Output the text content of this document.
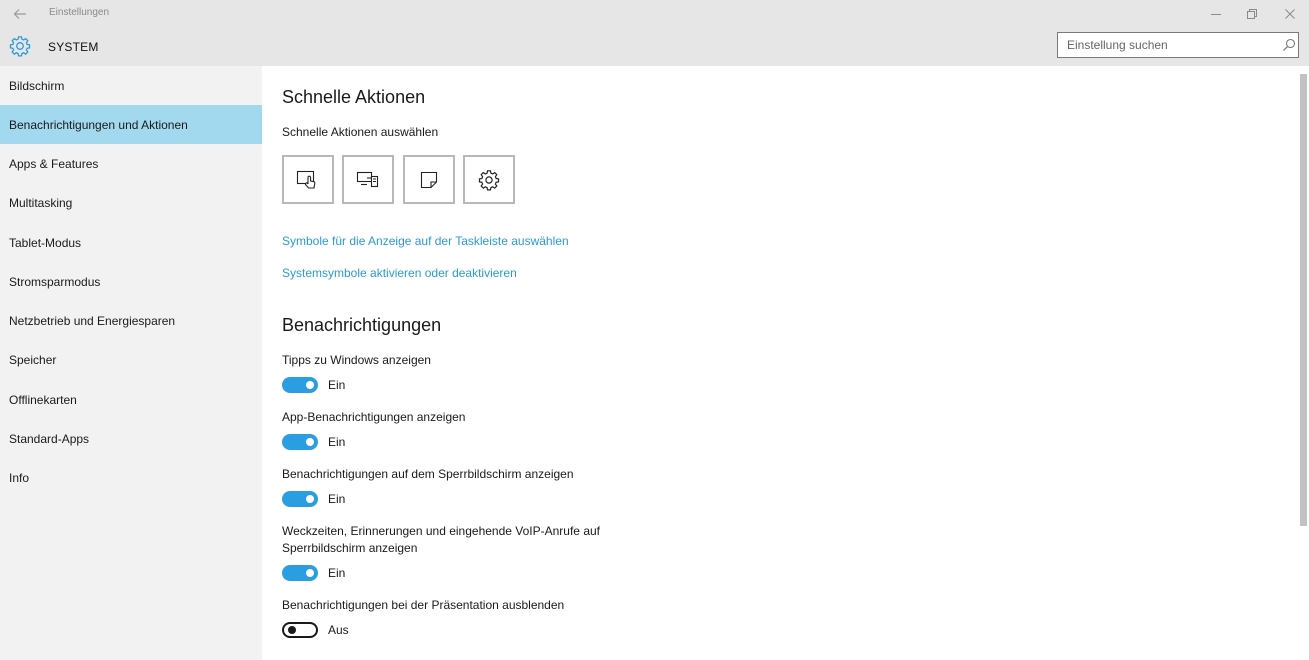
Einstellungen
SYSTEM
Einstellung suchen
Bildschirm
Benachrichtigungen und Aktionen
Apps & Features
Multitasking
Tablet-Modus
Stromsparmodus
Netzbetrieb und Energiesparen
Speicher
Offlinekarten
Standard-Apps
Info
Schnelle Aktionen
Schnelle Aktionen auswählen
Symbole für die Anzeige auf der Taskleiste auswählen
Systemsymbole aktivieren oder deaktivieren
Benachrichtigungen
Tipps zu Windows anzeigen
Ein
App-Benachrichtigungen anzeigen
Ein
Benachrichtigungen auf dem Sperrbildschirm anzeigen
Ein
Weckzeiten, Erinnerungen und eingehende VoIP-Anrufe auf
Sperrbildschirm anzeigen
Ein
Benachrichtigungen bei der Präsentation ausblenden
Aus
